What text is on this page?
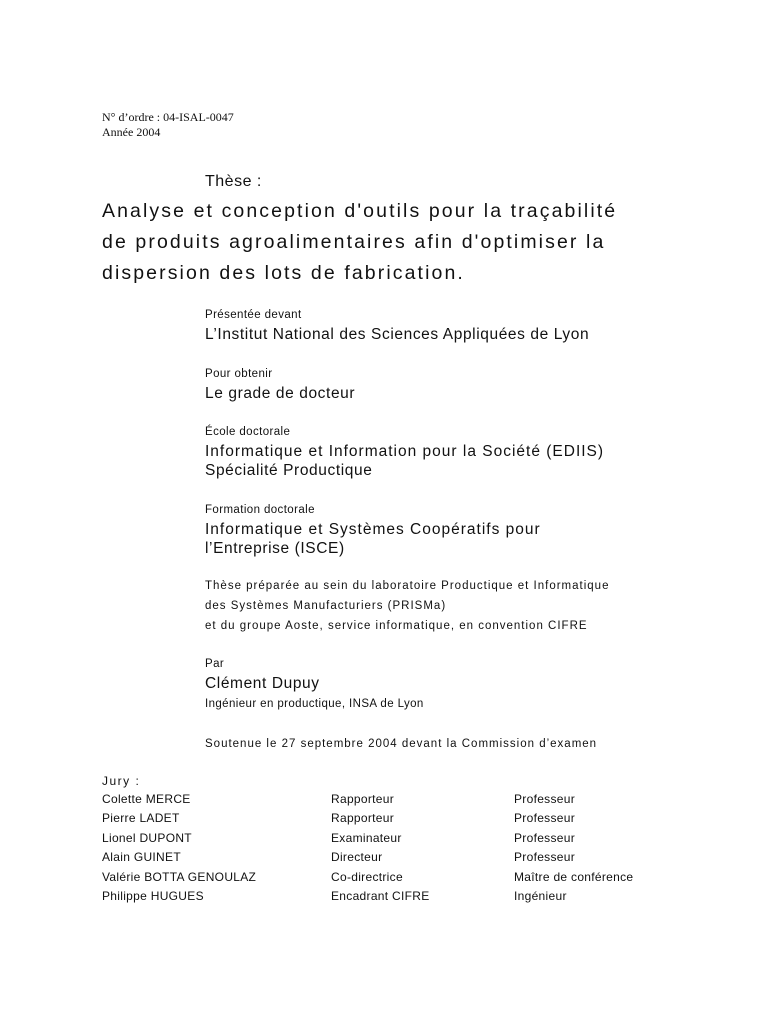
N° d’ordre : 04-ISAL-0047
Année 2004
Thèse :
Analyse et conception d'outils pour la traçabilité
de produits agroalimentaires afin d'optimiser la
dispersion des lots de fabrication.
Présentée devant
L’Institut National des Sciences Appliquées de Lyon
Pour obtenir
Le grade de docteur
École doctorale
Informatique et Information pour la Société (EDIIS)
Spécialité Productique
Formation doctorale
Informatique et Systèmes Coopératifs pour
l’Entreprise (ISCE)
Thèse préparée au sein du laboratoire Productique et Informatique
des Systèmes Manufacturiers (PRISMa)
et du groupe Aoste, service informatique, en convention CIFRE
Par
Clément Dupuy
Ingénieur en productique, INSA de Lyon
Soutenue le 27 septembre 2004 devant la Commission d’examen
Jury :
Colette MERCE	Rapporteur	Professeur
Pierre LADET	Rapporteur	Professeur
Lionel DUPONT	Examinateur	Professeur
Alain GUINET	Directeur	Professeur
Valérie BOTTA GENOULAZ	Co-directrice	Maître de conférence
Philippe HUGUES	Encadrant CIFRE	Ingénieur
